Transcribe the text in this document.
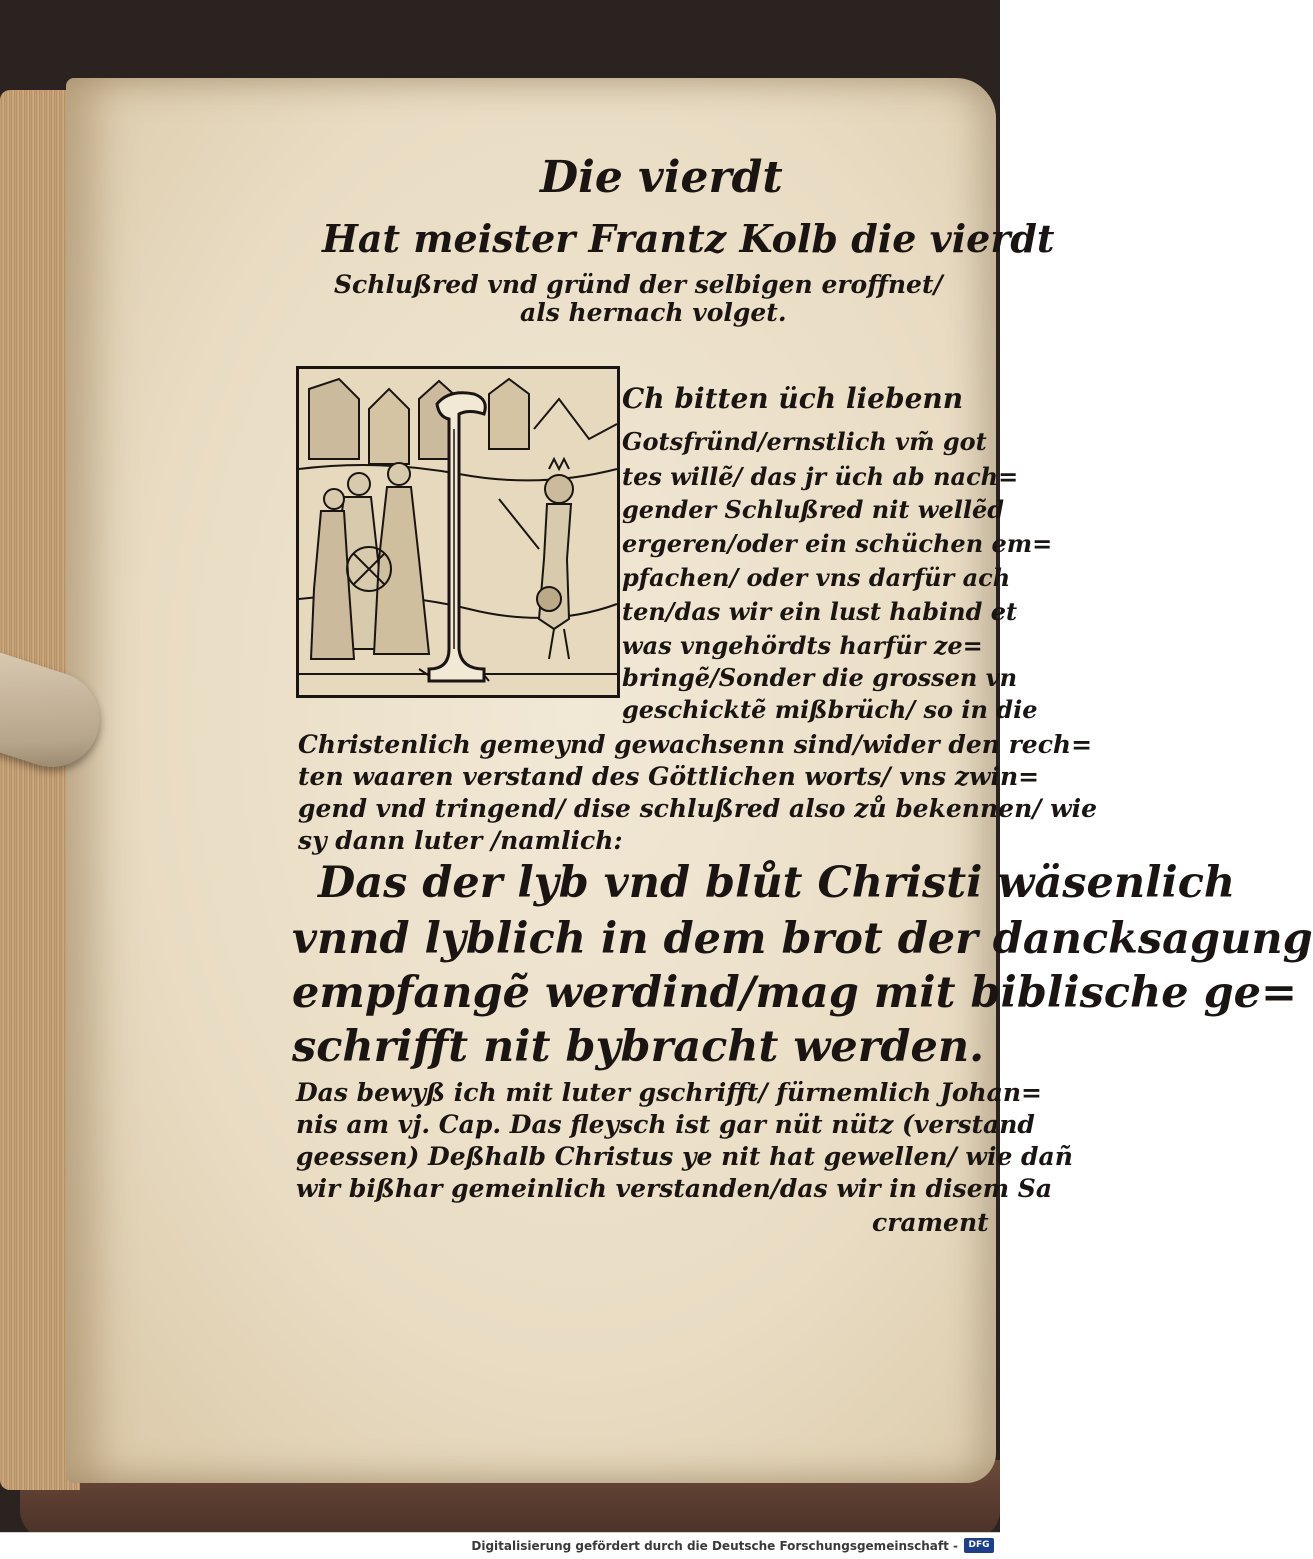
Die vierdt
Hat meister Frantz Kolb die vierdt
Schlußred vnd gründ der selbigen eroffnet/
als hernach volget.
Ch bitten üch liebenn
Gotsfründ/ernstlich vm̃ got
tes willẽ/ das jr üch ab nach=
gender Schlußred nit wellẽd
ergeren/oder ein schüchen em=
pfachen/ oder vns darfür ach
ten/das wir ein lust habind et
was vngehördts harfür ze=
bringẽ/Sonder die grossen vn
geschicktẽ mißbrüch/ so in die
Christenlich gemeynd gewachsenn sind/wider den rech=
ten waaren verstand des Göttlichen worts/ vns zwin=
gend vnd tringend/ dise schlußred also zů bekennen/ wie
sy dann luter /namlich:
Das der lyb vnd blůt Christi wäsenlich
vnnd lyblich in dem brot der dancksagung
empfangẽ werdind/mag mit biblische ge=
schrifft nit bybracht werden.
Das bewyß ich mit luter gschrifft/ fürnemlich Johan=
nis am vj. Cap. Das fleysch ist gar nüt nütz (verstand
geessen) Deßhalb Christus ye nit hat gewellen/ wie dañ
wir bißhar gemeinlich verstanden/das wir in disem Sa
crament
Digitalisierung gefördert durch die Deutsche Forschungsgemeinschaft -	DFG
